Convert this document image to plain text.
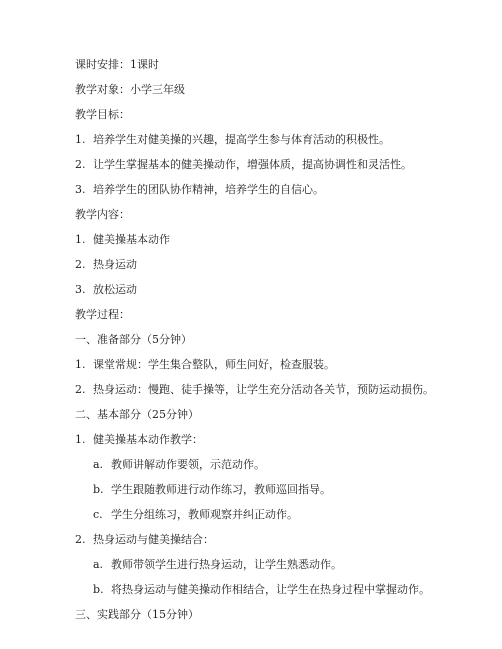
课时安排：1课时
教学对象：小学三年级
教学目标：
1. 培养学生对健美操的兴趣，提高学生参与体育活动的积极性。
2. 让学生掌握基本的健美操动作，增强体质，提高协调性和灵活性。
3. 培养学生的团队协作精神，培养学生的自信心。
教学内容：
1. 健美操基本动作
2. 热身运动
3. 放松运动
教学过程：
一、准备部分（5分钟）
1. 课堂常规：学生集合整队，师生问好，检查服装。
2. 热身运动：慢跑、徒手操等，让学生充分活动各关节，预防运动损伤。
二、基本部分（25分钟）
1. 健美操基本动作教学：
a. 教师讲解动作要领，示范动作。
b. 学生跟随教师进行动作练习，教师巡回指导。
c. 学生分组练习，教师观察并纠正动作。
2. 热身运动与健美操结合：
a. 教师带领学生进行热身运动，让学生熟悉动作。
b. 将热身运动与健美操动作相结合，让学生在热身过程中掌握动作。
三、实践部分（15分钟）
